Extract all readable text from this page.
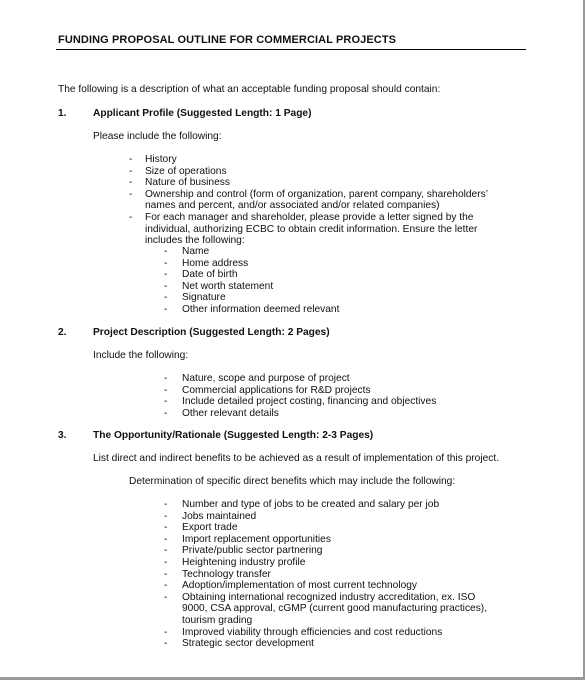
FUNDING PROPOSAL OUTLINE FOR COMMERCIAL PROJECTS
The following is a description of what an acceptable funding proposal should contain:
1.	Applicant Profile (Suggested Length: 1 Page)
Please include the following:
- History
- Size of operations
- Nature of business
- Ownership and control (form of organization, parent company, shareholders’
names and percent, and/or associated and/or related companies)
- For each manager and shareholder, please provide a letter signed by the
individual, authorizing ECBC to obtain credit information. Ensure the letter
includes the following:
- Name
- Home address
- Date of birth
- Net worth statement
- Signature
- Other information deemed relevant
2.	Project Description (Suggested Length: 2 Pages)
Include the following:
- Nature, scope and purpose of project
- Commercial applications for R&D projects
- Include detailed project costing, financing and objectives
- Other relevant details
3.	The Opportunity/Rationale (Suggested Length: 2-3 Pages)
List direct and indirect benefits to be achieved as a result of implementation of this project.
Determination of specific direct benefits which may include the following:
- Number and type of jobs to be created and salary per job
- Jobs maintained
- Export trade
- Import replacement opportunities
- Private/public sector partnering
- Heightening industry profile
- Technology transfer
- Adoption/implementation of most current technology
- Obtaining international recognized industry accreditation, ex. ISO
9000, CSA approval, cGMP (current good manufacturing practices),
tourism grading
- Improved viability through efficiencies and cost reductions
- Strategic sector development
